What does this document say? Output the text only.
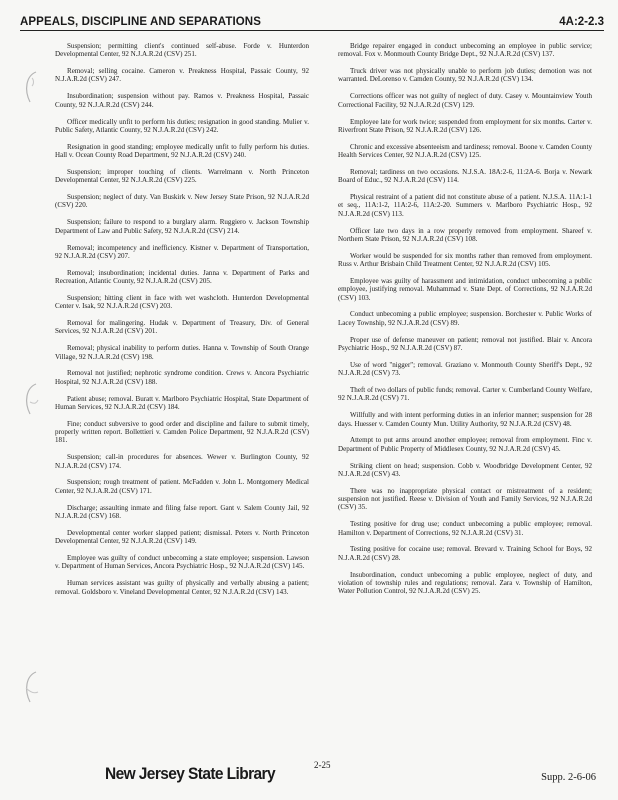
APPEALS, DISCIPLINE AND SEPARATIONS	4A:2-2.3

Suspension; permitting client's continued self-abuse. Forde v. Hunterdon Developmental Center, 92 N.J.A.R.2d (CSV) 251.

Removal; selling cocaine. Cameron v. Preakness Hospital, Passaic County, 92 N.J.A.R.2d (CSV) 247.

Insubordination; suspension without pay. Ramos v. Preakness Hospital, Passaic County, 92 N.J.A.R.2d (CSV) 244.

Officer medically unfit to perform his duties; resignation in good standing. Mulier v. Public Safety, Atlantic County, 92 N.J.A.R.2d (CSV) 242.

Resignation in good standing; employee medically unfit to fully perform his duties. Hall v. Ocean County Road Department, 92 N.J.A.R.2d (CSV) 240.

Suspension; improper touching of clients. Warrelmann v. North Princeton Developmental Center, 92 N.J.A.R.2d (CSV) 225.

Suspension; neglect of duty. Van Buskirk v. New Jersey State Prison, 92 N.J.A.R.2d (CSV) 220.

Suspension; failure to respond to a burglary alarm. Ruggiero v. Jackson Township Department of Law and Public Safety, 92 N.J.A.R.2d (CSV) 214.

Removal; incompetency and inefficiency. Kistner v. Department of Transportation, 92 N.J.A.R.2d (CSV) 207.

Removal; insubordination; incidental duties. Janna v. Department of Parks and Recreation, Atlantic County, 92 N.J.A.R.2d (CSV) 205.

Suspension; hitting client in face with wet washcloth. Hunterdon Developmental Center v. Isak, 92 N.J.A.R.2d (CSV) 203.

Removal for malingering. Hudak v. Department of Treasury, Div. of General Services, 92 N.J.A.R.2d (CSV) 201.

Removal; physical inability to perform duties. Hanna v. Township of South Orange Village, 92 N.J.A.R.2d (CSV) 198.

Removal not justified; nephrotic syndrome condition. Crews v. Ancora Psychiatric Hospital, 92 N.J.A.R.2d (CSV) 188.

Patient abuse; removal. Buratt v. Marlboro Psychiatric Hospital, State Department of Human Services, 92 N.J.A.R.2d (CSV) 184.

Fine; conduct subversive to good order and discipline and failure to submit timely, properly written report. Bollettieri v. Camden Police Department, 92 N.J.A.R.2d (CSV) 181.

Suspension; call-in procedures for absences. Wewer v. Burlington County, 92 N.J.A.R.2d (CSV) 174.

Suspension; rough treatment of patient. McFadden v. John L. Montgomery Medical Center, 92 N.J.A.R.2d (CSV) 171.

Discharge; assaulting inmate and filing false report. Gant v. Salem County Jail, 92 N.J.A.R.2d (CSV) 168.

Developmental center worker slapped patient; dismissal. Peters v. North Princeton Developmental Center, 92 N.J.A.R.2d (CSV) 149.

Employee was guilty of conduct unbecoming a state employee; suspension. Lawson v. Department of Human Services, Ancora Psychiatric Hosp., 92 N.J.A.R.2d (CSV) 145.

Human services assistant was guilty of physically and verbally abusing a patient; removal. Goldsboro v. Vineland Developmental Center, 92 N.J.A.R.2d (CSV) 143.

Bridge repairer engaged in conduct unbecoming an employee in public service; removal. Fox v. Monmouth County Bridge Dept., 92 N.J.A.R.2d (CSV) 137.

Truck driver was not physically unable to perform job duties; demotion was not warranted. DeLorenso v. Camden County, 92 N.J.A.R.2d (CSV) 134.

Corrections officer was not guilty of neglect of duty. Casey v. Mountainview Youth Correctional Facility, 92 N.J.A.R.2d (CSV) 129.

Employee late for work twice; suspended from employment for six months. Carter v. Riverfront State Prison, 92 N.J.A.R.2d (CSV) 126.

Chronic and excessive absenteeism and tardiness; removal. Boone v. Camden County Health Services Center, 92 N.J.A.R.2d (CSV) 125.

Removal; tardiness on two occasions. N.J.S.A. 18A:2-6, 11:2A-6. Borja v. Newark Board of Educ., 92 N.J.A.R.2d (CSV) 114.

Physical restraint of a patient did not constitute abuse of a patient. N.J.S.A. 11A:1-1 et seq., 11A:1-2, 11A:2-6, 11A:2-20. Summers v. Marlboro Psychiatric Hosp., 92 N.J.A.R.2d (CSV) 113.

Officer late two days in a row properly removed from employment. Shareef v. Northern State Prison, 92 N.J.A.R.2d (CSV) 108.

Worker would be suspended for six months rather than removed from employment. Russ v. Arthur Brisbain Child Treatment Center, 92 N.J.A.R.2d (CSV) 105.

Employee was guilty of harassment and intimidation, conduct unbecoming a public employee, justifying removal. Muhammad v. State Dept. of Corrections, 92 N.J.A.R.2d (CSV) 103.

Conduct unbecoming a public employee; suspension. Borchester v. Public Works of Lacey Township, 92 N.J.A.R.2d (CSV) 89.

Proper use of defense maneuver on patient; removal not justified. Blair v. Ancora Psychiatric Hosp., 92 N.J.A.R.2d (CSV) 87.

Use of word "nigger"; removal. Graziano v. Monmouth County Sheriff's Dept., 92 N.J.A.R.2d (CSV) 73.

Theft of two dollars of public funds; removal. Carter v. Cumberland County Welfare, 92 N.J.A.R.2d (CSV) 71.

Willfully and with intent performing duties in an inferior manner; suspension for 28 days. Huesser v. Camden County Mun. Utility Authority, 92 N.J.A.R.2d (CSV) 48.

Attempt to put arms around another employee; removal from employment. Finc v. Department of Public Property of Middlesex County, 92 N.J.A.R.2d (CSV) 45.

Striking client on head; suspension. Cobb v. Woodbridge Development Center, 92 N.J.A.R.2d (CSV) 43.

There was no inappropriate physical contact or mistreatment of a resident; suspension not justified. Reese v. Division of Youth and Family Services, 92 N.J.A.R.2d (CSV) 35.

Testing positive for drug use; conduct unbecoming a public employee; removal. Hamilton v. Department of Corrections, 92 N.J.A.R.2d (CSV) 31.

Testing positive for cocaine use; removal. Brevard v. Training School for Boys, 92 N.J.A.R.2d (CSV) 28.

Insubordination, conduct unbecoming a public employee, neglect of duty, and violation of township rules and regulations; removal. Zara v. Township of Hamilton, Water Pollution Control, 92 N.J.A.R.2d (CSV) 25.

New Jersey State Library
2-25
Supp. 2-6-06
